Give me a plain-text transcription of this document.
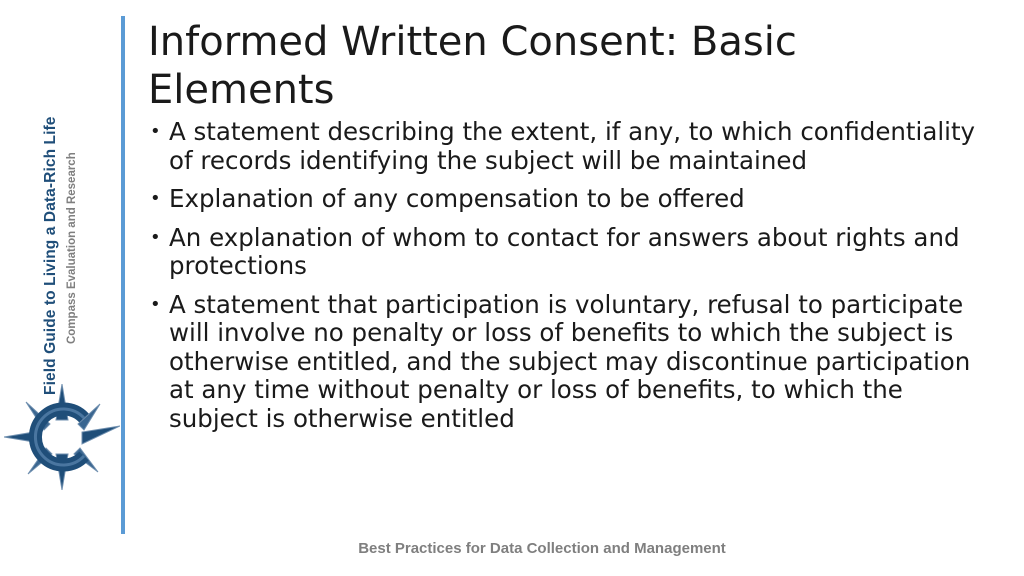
Field Guide to Living a Data-Rich Life Compass Evaluation and Research
Informed Written Consent: Basic Elements
• A statement describing the extent, if any, to which confidentiality of records identifying the subject will be maintained
• Explanation of any compensation to be offered
• An explanation of whom to contact for answers about rights and protections
• A statement that participation is voluntary, refusal to participate will involve no penalty or loss of benefits to which the subject is otherwise entitled, and the subject may discontinue participation at any time without penalty or loss of benefits, to which the subject is otherwise entitled
Best Practices for Data Collection and Management
